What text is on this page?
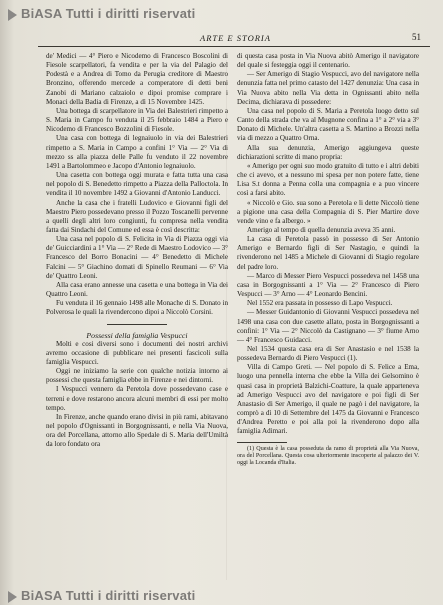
BiASA Tutti i diritti riservati
ARTE E STORIA	51

de' Medici — 4° Piero e Nicodemo di Francesco Boscolini di Fiesole scarpellatori, fa vendita e per la via del Palagio del Podestà e a Andrea di Tomo da Perugia creditore di Maestro Bronzino, offerendo mercede a comperatore di detti beni Zanobi di Mariano calzaiolo e dipoi promise comprare i Monaci della Badia di Firenze, a dì 15 Novembre 1425.

Una bottega di scarpellatore in Via dei Balestrieri rimpetto a S. Maria in Campo fu venduta il 25 febbraio 1484 a Piero e Nicodemo di Francesco Bozzolini di Fiesole.

Una casa con bottega di legnaiuolo in via dei Balestrieri rimpetto a S. Maria in Campo a confini 1° Via — 2° Via di mezzo ss alla piazza delle Palle fu venduto il 22 novembre 1491 a Bartolommeo e Jacopo d'Antonio legnaiuolo.

Una casetta con bottega oggi murata e fatta tutta una casa nel popolo di S. Benedetto rimpetto a Piazza della Palloctola. In vendita il 10 novembre 1492 a Giovanni d'Antonio Landucci.

Anche la casa che i fratelli Ludovico e Giovanni figli del Maestro Piero possedevano presso il Pozzo Toscanelli pervenne a quelli degli altri loro congiunti, fu compresa nella vendita fatta dai Sindachi del Comune ed essa è così descritta:

Una casa nel popolo di S. Felicita in Via di Piazza oggi via de' Guicciardini a 1° Via — 2° Rede di Maestro Lodovico — 3° Francesco del Borro Bonacini — 4° Benedetto di Michele Falcini — 5° Giachino domati di Spinello Reumani — 6° Via de' Quattro Leoni.

Alla casa erano annesse una casetta e una bottega in Via dei Quattro Leoni.

Fu venduta il 16 gennaio 1498 alle Monache di S. Donato in Polverosa le quali la rivendercono dipoi a Niccolò Corsini.

Possessi della famiglia Vespucci

Molti e cosi diversi sono i documenti dei nostri archivi avremo occasione di pubblicare nei presenti fascicoli sulla famiglia Vespucci.

Oggi ne iniziamo la serie con qualche notizia intorno ai possessi che questa famiglia ebbe in Firenze e nei dintorni.

I Vespucci vennero da Peretola dove possedevano case e terreni e dove restarono ancora alcuni membri di essi per molto tempo.

In Firenze, anche quando erano divisi in più rami, abitavano nel popolo d'Ognissanti in Borgognissanti, e nella Via Nuova, ora del Porcellana, attorno allo Spedale di S. Maria dell'Umiltà da loro fondato ora

di questa casa posta in Via Nuova abitò Amerigo il navigatore del quale si festeggia oggi il centenario.

— Ser Amerigo di Stagio Vespucci, avo del navigatore nella denunzia fatta nel primo catasto del 1427 denunzia: Una casa in Via Nuova abito nella Via detta in Ognissanti abito nella Decima, dichiarava di possedere:

Una casa nel popolo di S. Maria a Peretola luogo detto sul Canto della strada che va al Mugnone confina a 1° a 2° via a 3° Donato di Michele. Un'altra casetta a S. Martino a Brozzi nella via di mezzo a Quattro Orna.

Alla sua denunzia, Amerigo aggiungeva queste dichiarazioni scritte di mano propria:

« Amerigo per ogni suo modo gratuito di tutto e i altri debiti che ci avevo, et a nessuno mi spesa per non potere fatte, tiene Lisa S.t donna a Penna colla una compagnia e a puo vincere così a farsi abito.

« Niccolò e Gio. sua sono a Peretola e li dette Niccolò tiene a pigione una casa della Compagnia di S. Pier Martire dove vende vino e fa albergo. »

Amerigo al tempo di quella denunzia aveva 35 anni.

La casa di Peretola passò in possesso di Ser Antonio Amerigo e Bernardo figli di Ser Nastagio, e quindi la rivenderono nel 1485 a Michele di Giovanni di Stagio regolare del padre loro.

— Marco di Messer Piero Vespucci possedeva nel 1458 una casa in Borgognissanti a 1° Via — 2° Francesco di Piero Vespucci — 3° Arno — 4° Leonardo Bencini.

Nel 1552 era passata in possesso di Lapo Vespucci.

— Messer Guidantonio di Giovanni Vespucci possedeva nel 1498 una casa con due casette allato, posta in Borgognissanti a confini: 1° Via — 2° Niccolò da Castignano — 3° fiume Arno — 4° Francesco Guidacci.

Nel 1534 questa casa era di Ser Anastasio e nel 1538 la possedeva Bernardo di Piero Vespucci (1).

Villa di Campo Greti. — Nel popolo di S. Felice a Ema, luogo una pennella interna che ebbe la Villa dei Gelsomino è quasi casa in proprietà Balzichi-Coatture, la quale apparteneva ad Amerigo Vespucci avo del navigatore e poi figli di Ser Anastasio di Ser Amerigo, il quale ne pagò i del navigatore, la comprò a dì 10 di Settembre del 1475 da Giovanni e Francesco d'Andrea Peretto e poi alla poi la rivenderono dopo alla famiglia Adimari.

(1) Questa è la casa posseduta da ramo di proprietà alla Via Nuova, ora del Porcellana. Questa cosa ulteriormente inscoperte al palazzo dei V. oggi la Locanda d'Italia.

BiASA Tutti i diritti riservati
